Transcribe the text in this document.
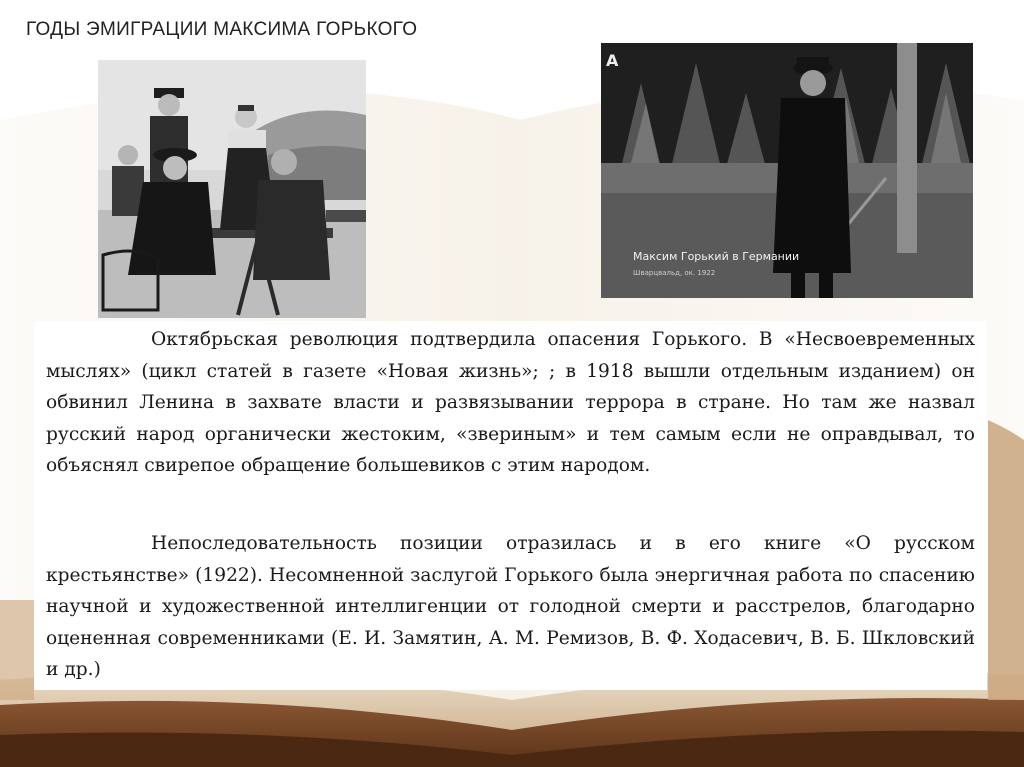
ГОДЫ ЭМИГРАЦИИ МАКСИМА ГОРЬКОГО
А
Максим Горький в Германии
Шварцвальд, ок. 1922

Октябрьская революция подтвердила опасения Горького. В «Несвоевременных мыслях» (цикл статей в газете «Новая жизнь»; ; в 1918 вышли отдельным изданием) он обвинил Ленина в захвате власти и развязывании террора в стране. Но там же назвал русский народ органически жестоким, «звериным» и тем самым если не оправдывал, то объяснял свирепое обращение большевиков с этим народом.

Непоследовательность позиции отразилась и в его книге «О русском крестьянстве» (1922). Несомненной заслугой Горького была энергичная работа по спасению научной и художественной интеллигенции от голодной смерти и расстрелов, благодарно оцененная современниками (Е. И. Замятин, А. М. Ремизов, В. Ф. Ходасевич, В. Б. Шкловский и др.)
